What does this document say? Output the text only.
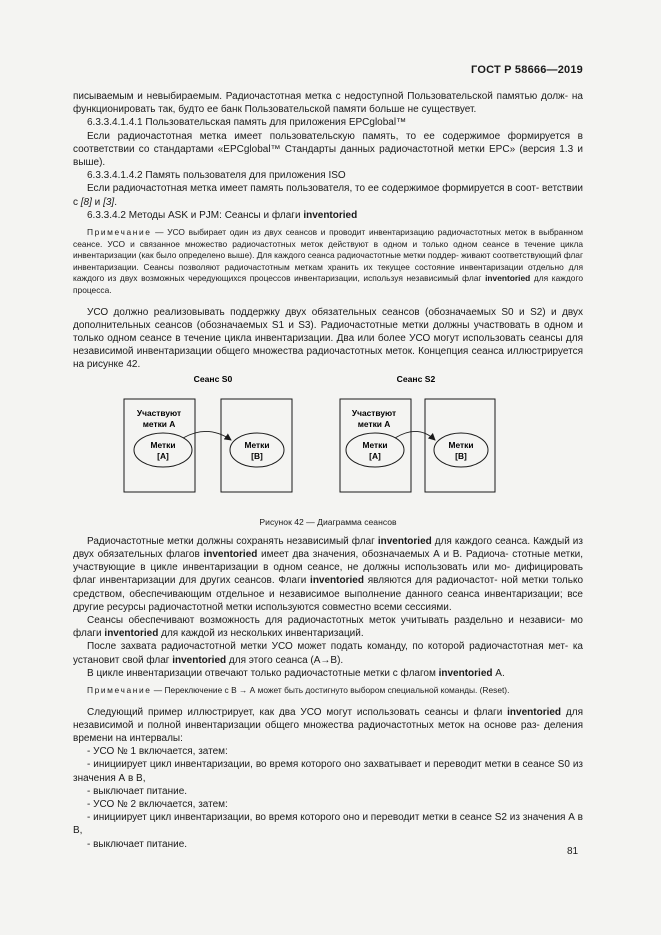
ГОСТ Р 58666—2019

писываемым и невыбираемым. Радиочастотная метка с недоступной Пользовательской памятью долж- на функционировать так, будто ее банк Пользовательской памяти больше не существует.

6.3.3.4.1.4.1 Пользовательская память для приложения EPCglobal™

Если радиочастотная метка имеет пользовательскую память, то ее содержимое формируется в соответствии со стандартами «EPCglobal™ Стандарты данных радиочастотной метки EPC» (версия 1.3 и выше).

6.3.3.4.1.4.2 Память пользователя для приложения ISO

Если радиочастотная метка имеет память пользователя, то ее содержимое формируется в соот- ветствии с [8] и [3].

6.3.3.4.2 Методы ASK и PJM: Сеансы и флаги inventoried

Примечание — УСО выбирает один из двух сеансов и проводит инвентаризацию радиочастотных меток в выбранном сеансе. УСО и связанное множество радиочастотных меток действуют в одном и только одном сеансе в течение цикла инвентаризации (как было определено выше). Для каждого сеанса радиочастотные метки поддер- живают соответствующий флаг инвентаризации. Сеансы позволяют радиочастотным меткам хранить их текущее состояние инвентаризации отдельно для каждого из двух возможных чередующихся процессов инвентаризации, используя независимый флаг inventoried для каждого процесса.

УСО должно реализовывать поддержку двух обязательных сеансов (обозначаемых S0 и S2) и двух дополнительных сеансов (обозначаемых S1 и S3). Радиочастотные метки должны участвовать в одном и только одном сеансе в течение цикла инвентаризации. Два или более УСО могут использовать сеансы для независимой инвентаризации общего множества радиочастотных меток. Концепция сеанса иллюстрируется на рисунке 42.

Сеанс S0
Участвуют
метки А
Метки
[А]
Метки
[В]
Сеанс S2
Участвуют
метки А
Метки
[А]
Метки
[В]
Рисунок 42 — Диаграмма сеансов

Радиочастотные метки должны сохранять независимый флаг inventoried для каждого сеанса. Каждый из двух обязательных флагов inventoried имеет два значения, обозначаемых А и В. Радиоча- стотные метки, участвующие в цикле инвентаризации в одном сеансе, не должны использовать или мо- дифицировать флаг инвентаризации для других сеансов. Флаги inventoried являются для радиочастот- ной метки только средством, обеспечивающим отдельное и независимое выполнение данного сеанса инвентаризации; все другие ресурсы радиочастотной метки используются совместно всеми сессиями.

Сеансы обеспечивают возможность для радиочастотных меток учитывать раздельно и независи- мо флаги inventoried для каждой из нескольких инвентаризаций.

После захвата радиочастотной метки УСО может подать команду, по которой радиочастотная мет- ка установит свой флаг inventoried для этого сеанса (А→В).

В цикле инвентаризации отвечают только радиочастотные метки с флагом inventoried А.

Примечание — Переключение с В → А может быть достигнуто выбором специальной команды. (Reset).

Следующий пример иллюстрирует, как два УСО могут использовать сеансы и флаги inventoried для независимой и полной инвентаризации общего множества радиочастотных меток на основе раз- деления времени на интервалы:

- УСО № 1 включается, затем:

- инициирует цикл инвентаризации, во время которого оно захватывает и переводит метки в сеансе S0 из значения А в В,

- выключает питание.

- УСО № 2 включается, затем:

- инициирует цикл инвентаризации, во время которого оно и переводит метки в сеансе S2 из значения А в В,

- выключает питание.

81
